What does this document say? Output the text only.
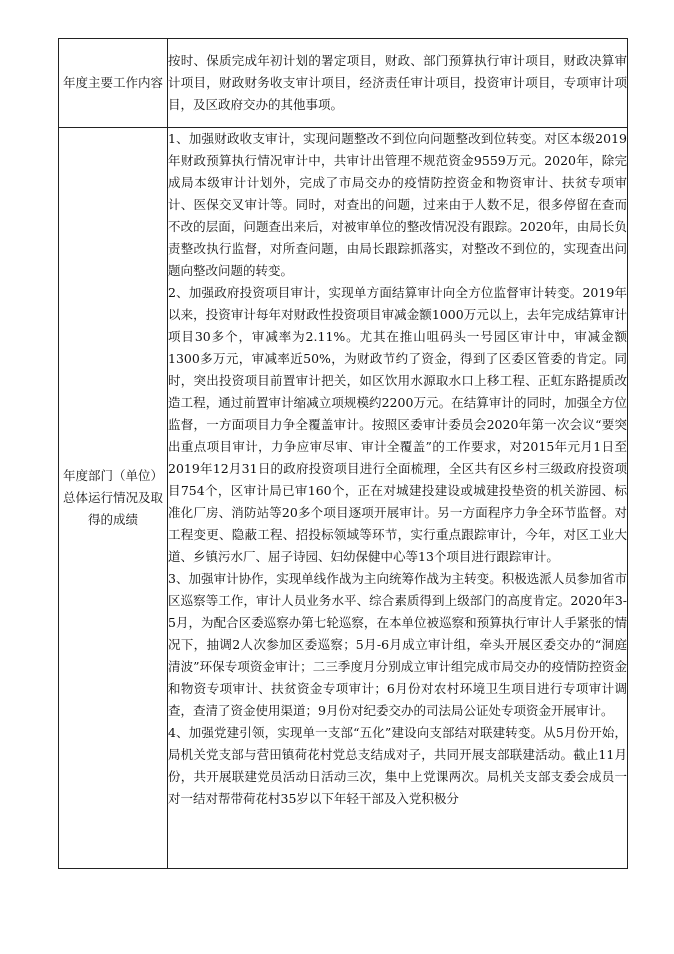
年度主要工作内容	按时、保质完成年初计划的署定项目，财政、部门预算执行审计项目，财政决算审计项目，财政财务收支审计项目，经济责任审计项目，投资审计项目，专项审计项目，及区政府交办的其他事项。

年度部门（单位）总体运行情况及取得的成绩	1、加强财政收支审计，实现问题整改不到位向问题整改到位转变。对区本级2019年财政预算执行情况审计中，共审计出管理不规范资金9559万元。2020年，除完成局本级审计计划外，完成了市局交办的疫情防控资金和物资审计、扶贫专项审计、医保交叉审计等。同时，对查出的问题，过来由于人数不足，很多停留在查而不改的层面，问题查出来后，对被审单位的整改情况没有跟踪。2020年，由局长负责整改执行监督，对所查问题，由局长跟踪抓落实，对整改不到位的，实现查出问题向整改问题的转变。

2、加强政府投资项目审计，实现单方面结算审计向全方位监督审计转变。2019年以来，投资审计每年对财政性投资项目审减金额1000万元以上，去年完成结算审计项目30多个，审减率为2.11%。尤其在推山咀码头一号园区审计中，审减金额1300多万元，审减率近50%，为财政节约了资金，得到了区委区管委的肯定。同时，突出投资项目前置审计把关，如区饮用水源取水口上移工程、正虹东路提质改造工程，通过前置审计缩减立项规模约2200万元。在结算审计的同时，加强全方位监督，一方面项目力争全覆盖审计。按照区委审计委员会2020年第一次会议“要突出重点项目审计，力争应审尽审、审计全覆盖”的工作要求，对2015年元月1日至2019年12月31日的政府投资项目进行全面梳理，全区共有区乡村三级政府投资项目754个，区审计局已审160个，正在对城建投建设或城建投垫资的机关游园、标准化厂房、消防站等20多个项目逐项开展审计。另一方面程序力争全环节监督。对工程变更、隐蔽工程、招投标领域等环节，实行重点跟踪审计，今年，对区工业大道、乡镇污水厂、屈子诗园、妇幼保健中心等13个项目进行跟踪审计。

3、加强审计协作，实现单线作战为主向统筹作战为主转变。积极选派人员参加省市区巡察等工作，审计人员业务水平、综合素质得到上级部门的高度肯定。2020年3-5月，为配合区委巡察办第七轮巡察，在本单位被巡察和预算执行审计人手紧张的情况下，抽调2人次参加区委巡察；5月-6月成立审计组，牵头开展区委交办的“洞庭清波”环保专项资金审计；二三季度月分别成立审计组完成市局交办的疫情防控资金和物资专项审计、扶贫资金专项审计；6月份对农村环境卫生项目进行专项审计调查，查清了资金使用渠道；9月份对纪委交办的司法局公证处专项资金开展审计。

4、加强党建引领，实现单一支部“五化”建设向支部结对联建转变。从5月份开始，局机关党支部与营田镇荷花村党总支结成对子，共同开展支部联建活动。截止11月份，共开展联建党员活动日活动三次，集中上党课两次。局机关支部支委会成员一对一结对帮带荷花村35岁以下年轻干部及入党积极分
